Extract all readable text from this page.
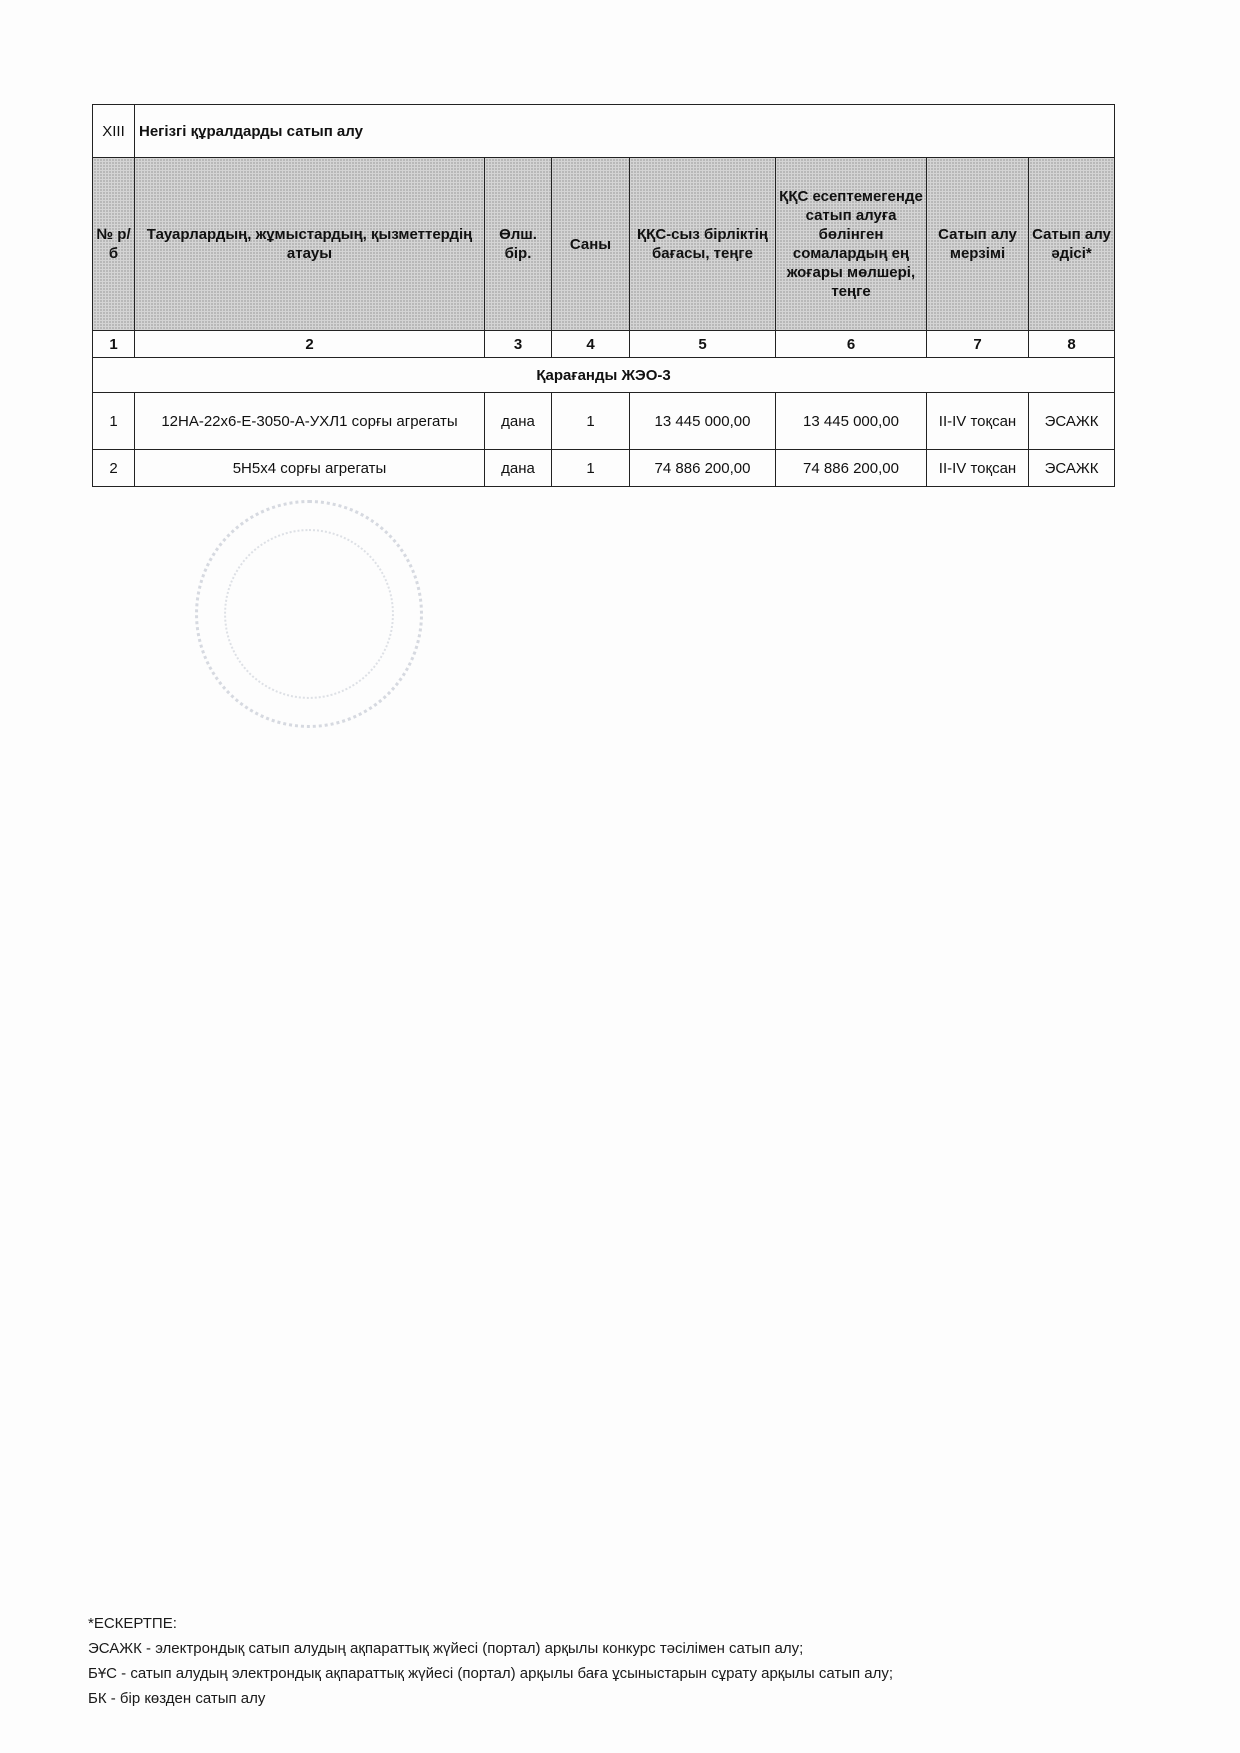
XIII	Негізгі құралдарды сатып алу						
№ р/б	Тауарлардың, жұмыстардың, қызметтердің атауы	Өлш. бір.	Саны	ҚҚС-сыз бірліктің бағасы, теңге	ҚҚС есептемегенде сатып алуға бөлінген сомалардың ең жоғары мөлшері, теңге	Сатып алу мерзімі	Сатып алу әдісі*
1	2	3	4	5	6	7	8
Қарағанды ЖЭО-3							
1	12НА-22х6-Е-3050-А-УХЛ1 сорғы агрегаты	дана	1	13 445 000,00	13 445 000,00	II-IV тоқсан	ЭСАЖК
2	5Н5х4 сорғы агрегаты	дана	1	74 886 200,00	74 886 200,00	II-IV тоқсан	ЭСАЖК
*ЕСКЕРТПЕ:
ЭСАЖК - электрондық сатып алудың ақпараттық жүйесі (портал) арқылы конкурс тәсілімен сатып алу;
БҰС - сатып алудың электрондық ақпараттық жүйесі (портал) арқылы баға ұсыныстарын сұрату арқылы сатып алу;
БК - бір көзден сатып алу
